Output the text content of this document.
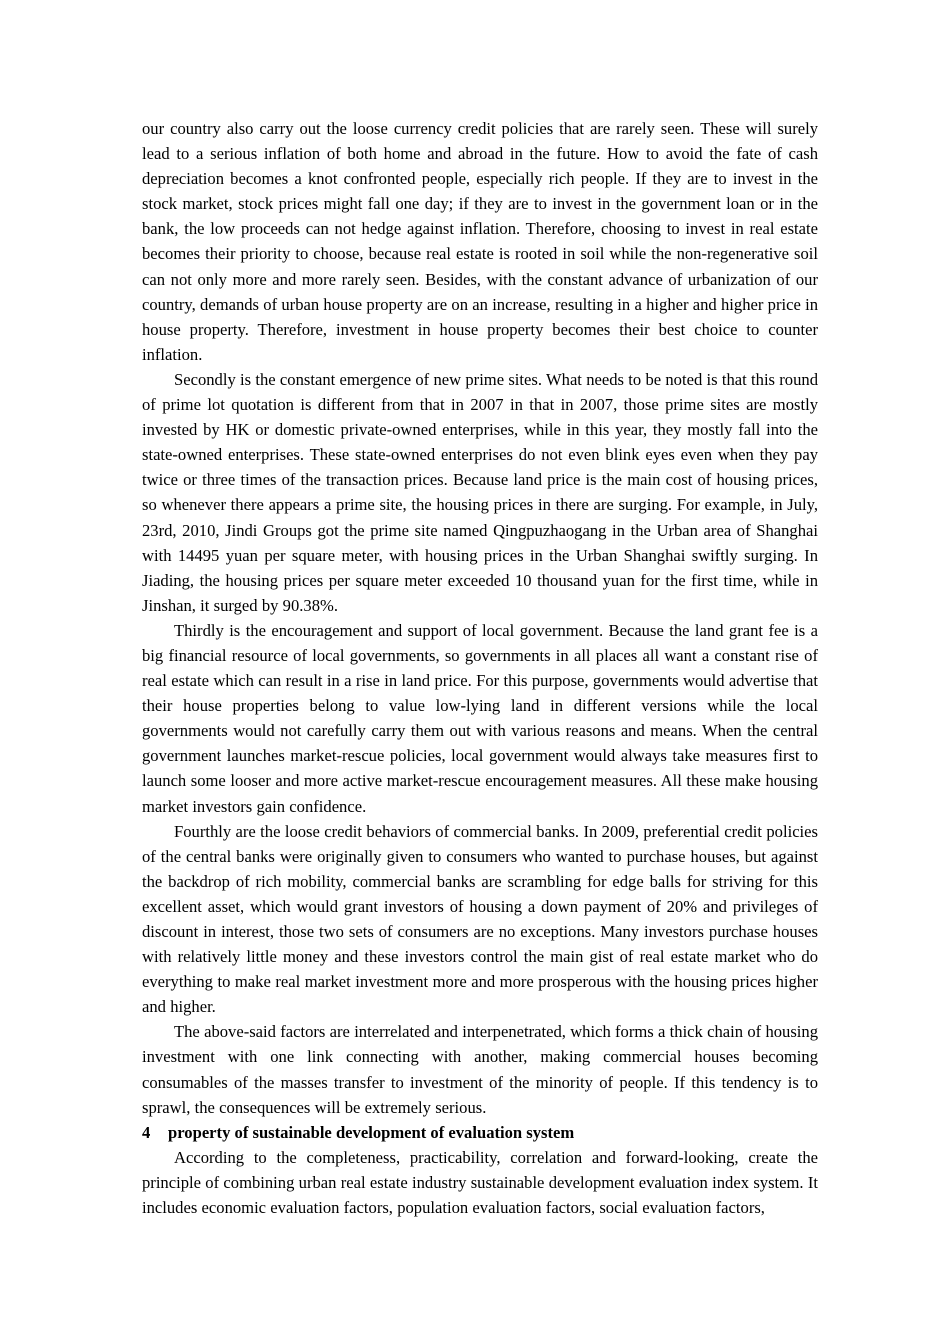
our country also carry out the loose currency credit policies that are rarely seen. These will surely lead to a serious inflation of both home and abroad in the future. How to avoid the fate of cash depreciation becomes a knot confronted people, especially rich people. If they are to invest in the stock market, stock prices might fall one day; if they are to invest in the government loan or in the bank, the low proceeds can not hedge against inflation. Therefore, choosing to invest in real estate becomes their priority to choose, because real estate is rooted in soil while the non-regenerative soil can not only more and more rarely seen. Besides, with the constant advance of urbanization of our country, demands of urban house property are on an increase, resulting in a higher and higher price in house property. Therefore, investment in house property becomes their best choice to counter inflation.

Secondly is the constant emergence of new prime sites. What needs to be noted is that this round of prime lot quotation is different from that in 2007 in that in 2007, those prime sites are mostly invested by HK or domestic private-owned enterprises, while in this year, they mostly fall into the state-owned enterprises. These state-owned enterprises do not even blink eyes even when they pay twice or three times of the transaction prices. Because land price is the main cost of housing prices, so whenever there appears a prime site, the housing prices in there are surging. For example, in July, 23rd, 2010, Jindi Groups got the prime site named Qingpuzhaogang in the Urban area of Shanghai with 14495 yuan per square meter, with housing prices in the Urban Shanghai swiftly surging. In Jiading, the housing prices per square meter exceeded 10 thousand yuan for the first time, while in Jinshan, it surged by 90.38%.

Thirdly is the encouragement and support of local government. Because the land grant fee is a big financial resource of local governments, so governments in all places all want a constant rise of real estate which can result in a rise in land price. For this purpose, governments would advertise that their house properties belong to value low-lying land in different versions while the local governments would not carefully carry them out with various reasons and means. When the central government launches market-rescue policies, local government would always take measures first to launch some looser and more active market-rescue encouragement measures. All these make housing market investors gain confidence.

Fourthly are the loose credit behaviors of commercial banks. In 2009, preferential credit policies of the central banks were originally given to consumers who wanted to purchase houses, but against the backdrop of rich mobility, commercial banks are scrambling for edge balls for striving for this excellent asset, which would grant investors of housing a down payment of 20% and privileges of discount in interest, those two sets of consumers are no exceptions. Many investors purchase houses with relatively little money and these investors control the main gist of real estate market who do everything to make real market investment more and more prosperous with the housing prices higher and higher.

The above-said factors are interrelated and interpenetrated, which forms a thick chain of housing investment with one link connecting with another, making commercial houses becoming consumables of the masses transfer to investment of the minority of people. If this tendency is to sprawl, the consequences will be extremely serious.

4 property of sustainable development of evaluation system

According to the completeness, practicability, correlation and forward-looking, create the principle of combining urban real estate industry sustainable development evaluation index system. It includes economic evaluation factors, population evaluation factors, social evaluation factors,
